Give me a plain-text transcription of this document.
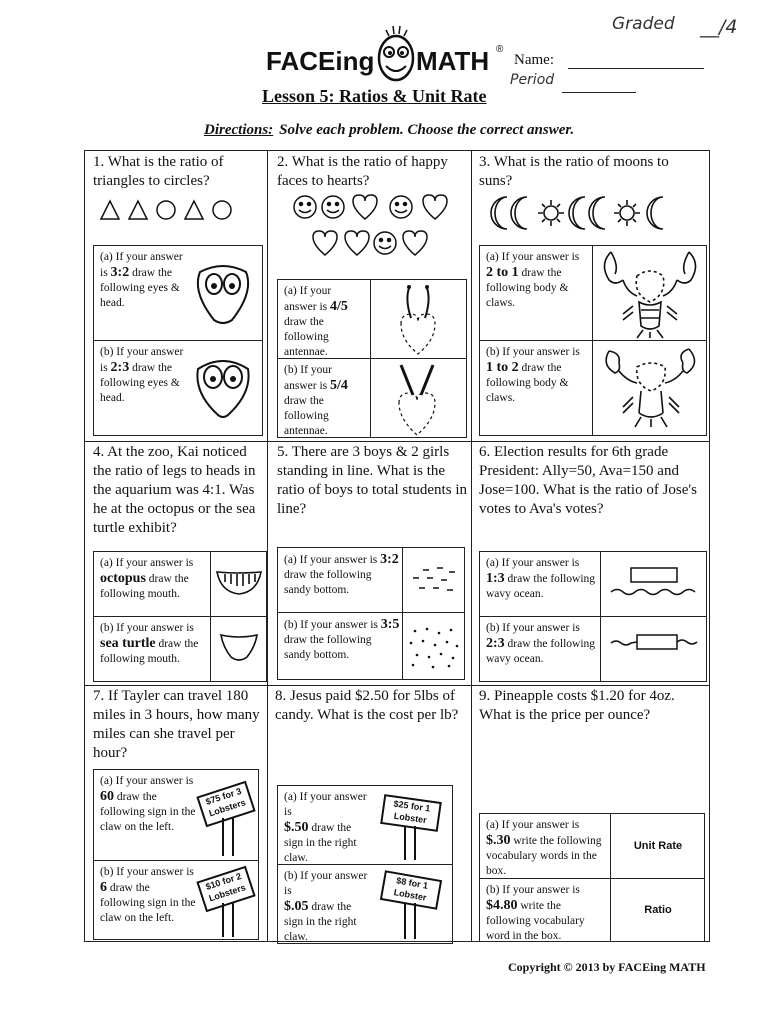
Graded __/4
FACEing MATH ®
Name:
Period
Lesson 5: Ratios & Unit Rate
Directions: Solve each problem. Choose the correct answer.
1. What is the ratio of triangles to circles?
(a) If your answer is 3:2 draw the following eyes & head.
(b) If your answer is 2:3 draw the following eyes & head.
2. What is the ratio of happy faces to hearts?
(a) If your answer is 4/5 draw the following antennae.
(b) If your answer is 5/4 draw the following antennae.
3. What is the ratio of moons to suns?
(a) If your answer is 2 to 1 draw the following body & claws.
(b) If your answer is 1 to 2 draw the following body & claws.
4. At the zoo, Kai noticed the ratio of legs to heads in the aquarium was 4:1. Was he at the octopus or the sea turtle exhibit?
(a) If your answer is octopus draw the following mouth.
(b) If your answer is sea turtle draw the following mouth.
5. There are 3 boys & 2 girls standing in line. What is the ratio of boys to total students in line?
(a) If your answer is 3:2 draw the following sandy bottom.
(b) If your answer is 3:5 draw the following sandy bottom.
6. Election results for 6th grade President: Ally=50, Ava=150 and Jose=100. What is the ratio of Jose's votes to Ava's votes?
(a) If your answer is 1:3 draw the following wavy ocean.
(b) If your answer is 2:3 draw the following wavy ocean.
7. If Tayler can travel 180 miles in 3 hours, how many miles can she travel per hour?
(a) If your answer is 60 draw the following sign in the claw on the left.
$75 for 3 Lobsters
(b) If your answer is 6 draw the following sign in the claw on the left.
$10 for 2 Lobsters
8. Jesus paid $2.50 for 5lbs of candy. What is the cost per lb?
(a) If your answer is
$.50 draw the sign in the right claw.
$25 for 1 Lobster
(b) If your answer is
$.05 draw the sign in the right claw.
$8 for 1 Lobster
9. Pineapple costs $1.20 for 4oz. What is the price per ounce?
(a) If your answer is
$.30 write the following vocabulary words in the box.
Unit Rate
(b) If your answer is
$4.80 write the following vocabulary word in the box.
Ratio
Copyright © 2013 by FACEing MATH
